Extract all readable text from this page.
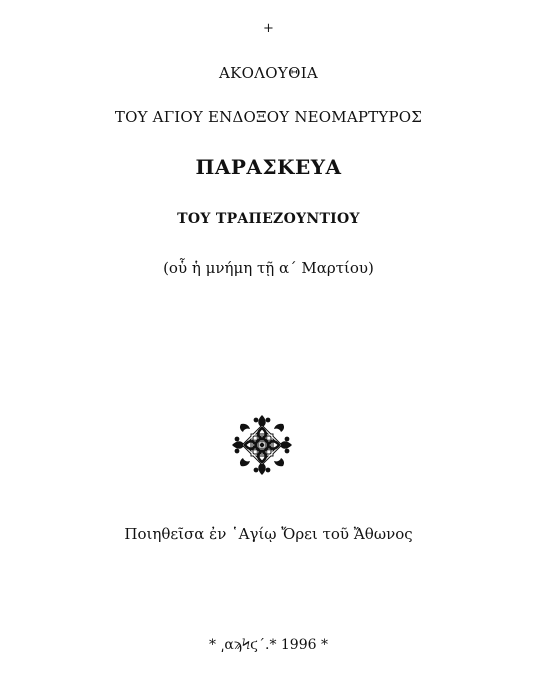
+
ΑΚΟΛΟΥΘΙΑ
ΤΟΥ ΑΓΙΟΥ ΕΝΔΟΞΟΥ ΝΕΟΜΑΡΤΥΡΟΣ
ΠΑΡΑΣΚΕΥΑ
ΤΟΥ ΤΡΑΠΕΖΟΥΝΤΙΟΥ
(οὗ ἡ μνήμη τῇ α΄ Μαρτίου)
Ποιηθεῖσα ἐν ῾Αγίῳ Ὄρει τοῦ Ἄθωνος
* ͵αϡϞϛ΄.* 1996 *
